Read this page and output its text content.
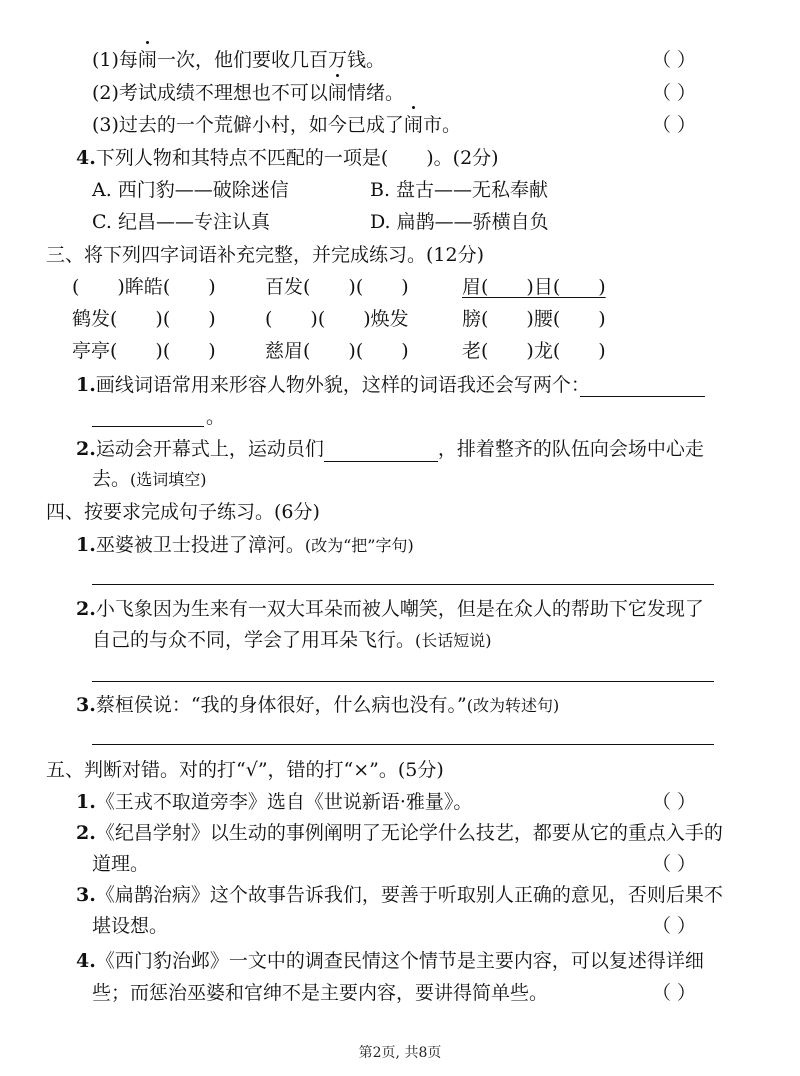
(1)每闹一次，他们要收几百万钱。	（ ）
(2)考试成绩不理想也不可以闹情绪。	（ ）
(3)过去的一个荒僻小村，如今已成了闹市。	（ ）
4.下列人物和其特点不匹配的一项是(　　)。(2分)
A. 西门豹——破除迷信	B. 盘古——无私奉献
C. 纪昌——专注认真	D. 扁鹊——骄横自负
三、将下列四字词语补充完整，并完成练习。(12分)
(　　)眸皓(　　)	百发(　　)(　　)	眉(　　)目(　　)
鹤发(　　)(　　)	(　　)(　　)焕发	膀(　　)腰(　　)
亭亭(　　)(　　)	慈眉(　　)(　　)	老(　　)龙(　　)
1.画线词语常用来形容人物外貌，这样的词语我还会写两个：
。
2.运动会开幕式上，运动员们	，排着整齐的队伍向会场中心走
去。(选词填空)
四、按要求完成句子练习。(6分)
1.巫婆被卫士投进了漳河。(改为“把”字句)
2.小飞象因为生来有一双大耳朵而被人嘲笑，但是在众人的帮助下它发现了
自己的与众不同，学会了用耳朵飞行。(长话短说)
3.蔡桓侯说：“我的身体很好，什么病也没有。”(改为转述句)
五、判断对错。对的打“√”，错的打“×”。(5分)
1.《王戎不取道旁李》选自《世说新语·雅量》。	（ ）
2.《纪昌学射》以生动的事例阐明了无论学什么技艺，都要从它的重点入手的
道理。	（ ）
3.《扁鹊治病》这个故事告诉我们，要善于听取别人正确的意见，否则后果不
堪设想。	（ ）
4.《西门豹治邺》一文中的调查民情这个情节是主要内容，可以复述得详细
些；而惩治巫婆和官绅不是主要内容，要讲得简单些。	（ ）
第2页, 共8页
